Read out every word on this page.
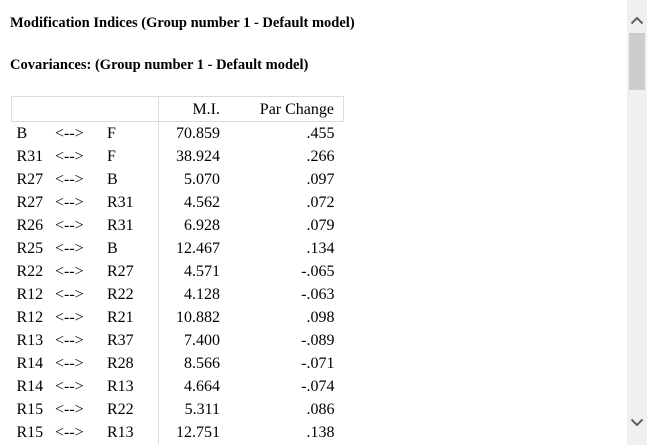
Modification Indices (Group number 1 - Default model)

Covariances: (Group number 1 - Default model)

			M.I.	Par Change
B	<-->	F	70.859	.455
R31	<-->	F	38.924	.266
R27	<-->	B	5.070	.097
R27	<-->	R31	4.562	.072
R26	<-->	R31	6.928	.079
R25	<-->	B	12.467	.134
R22	<-->	R27	4.571	-.065
R12	<-->	R22	4.128	-.063
R12	<-->	R21	10.882	.098
R13	<-->	R37	7.400	-.089
R14	<-->	R28	8.566	-.071
R14	<-->	R13	4.664	-.074
R15	<-->	R22	5.311	.086
R15	<-->	R13	12.751	.138
